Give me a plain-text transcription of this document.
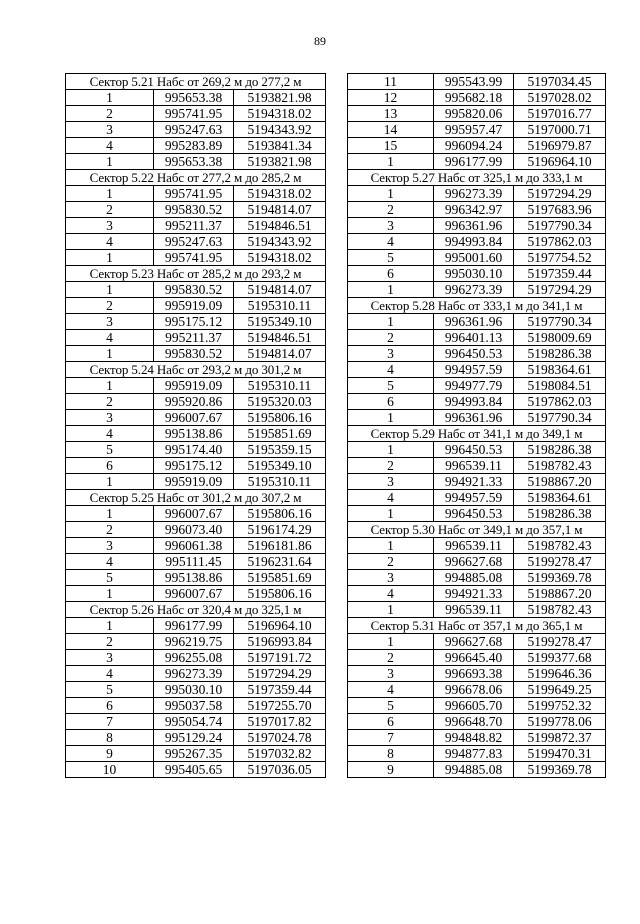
89
Сектор 5.21 Набс от 269,2 м до 277,2 м		
1	995653.38	5193821.98
2	995741.95	5194318.02
3	995247.63	5194343.92
4	995283.89	5193841.34
1	995653.38	5193821.98
Сектор 5.22 Набс от 277,2 м до 285,2 м		
1	995741.95	5194318.02
2	995830.52	5194814.07
3	995211.37	5194846.51
4	995247.63	5194343.92
1	995741.95	5194318.02
Сектор 5.23 Набс от 285,2 м до 293,2 м		
1	995830.52	5194814.07
2	995919.09	5195310.11
3	995175.12	5195349.10
4	995211.37	5194846.51
1	995830.52	5194814.07
Сектор 5.24 Набс от 293,2 м до 301,2 м		
1	995919.09	5195310.11
2	995920.86	5195320.03
3	996007.67	5195806.16
4	995138.86	5195851.69
5	995174.40	5195359.15
6	995175.12	5195349.10
1	995919.09	5195310.11
Сектор 5.25 Набс от 301,2 м до 307,2 м		
1	996007.67	5195806.16
2	996073.40	5196174.29
3	996061.38	5196181.86
4	995111.45	5196231.64
5	995138.86	5195851.69
1	996007.67	5195806.16
Сектор 5.26 Набс от 320,4 м до 325,1 м		
1	996177.99	5196964.10
2	996219.75	5196993.84
3	996255.08	5197191.72
4	996273.39	5197294.29
5	995030.10	5197359.44
6	995037.58	5197255.70
7	995054.74	5197017.82
8	995129.24	5197024.78
9	995267.35	5197032.82
10	995405.65	5197036.05
11	995543.99	5197034.45
12	995682.18	5197028.02
13	995820.06	5197016.77
14	995957.47	5197000.71
15	996094.24	5196979.87
1	996177.99	5196964.10
Сектор 5.27 Набс от 325,1 м до 333,1 м		
1	996273.39	5197294.29
2	996342.97	5197683.96
3	996361.96	5197790.34
4	994993.84	5197862.03
5	995001.60	5197754.52
6	995030.10	5197359.44
1	996273.39	5197294.29
Сектор 5.28 Набс от 333,1 м до 341,1 м		
1	996361.96	5197790.34
2	996401.13	5198009.69
3	996450.53	5198286.38
4	994957.59	5198364.61
5	994977.79	5198084.51
6	994993.84	5197862.03
1	996361.96	5197790.34
Сектор 5.29 Набс от 341,1 м до 349,1 м		
1	996450.53	5198286.38
2	996539.11	5198782.43
3	994921.33	5198867.20
4	994957.59	5198364.61
1	996450.53	5198286.38
Сектор 5.30 Набс от 349,1 м до 357,1 м		
1	996539.11	5198782.43
2	996627.68	5199278.47
3	994885.08	5199369.78
4	994921.33	5198867.20
1	996539.11	5198782.43
Сектор 5.31 Набс от 357,1 м до 365,1 м		
1	996627.68	5199278.47
2	996645.40	5199377.68
3	996693.38	5199646.36
4	996678.06	5199649.25
5	996605.70	5199752.32
6	996648.70	5199778.06
7	994848.82	5199872.37
8	994877.83	5199470.31
9	994885.08	5199369.78
